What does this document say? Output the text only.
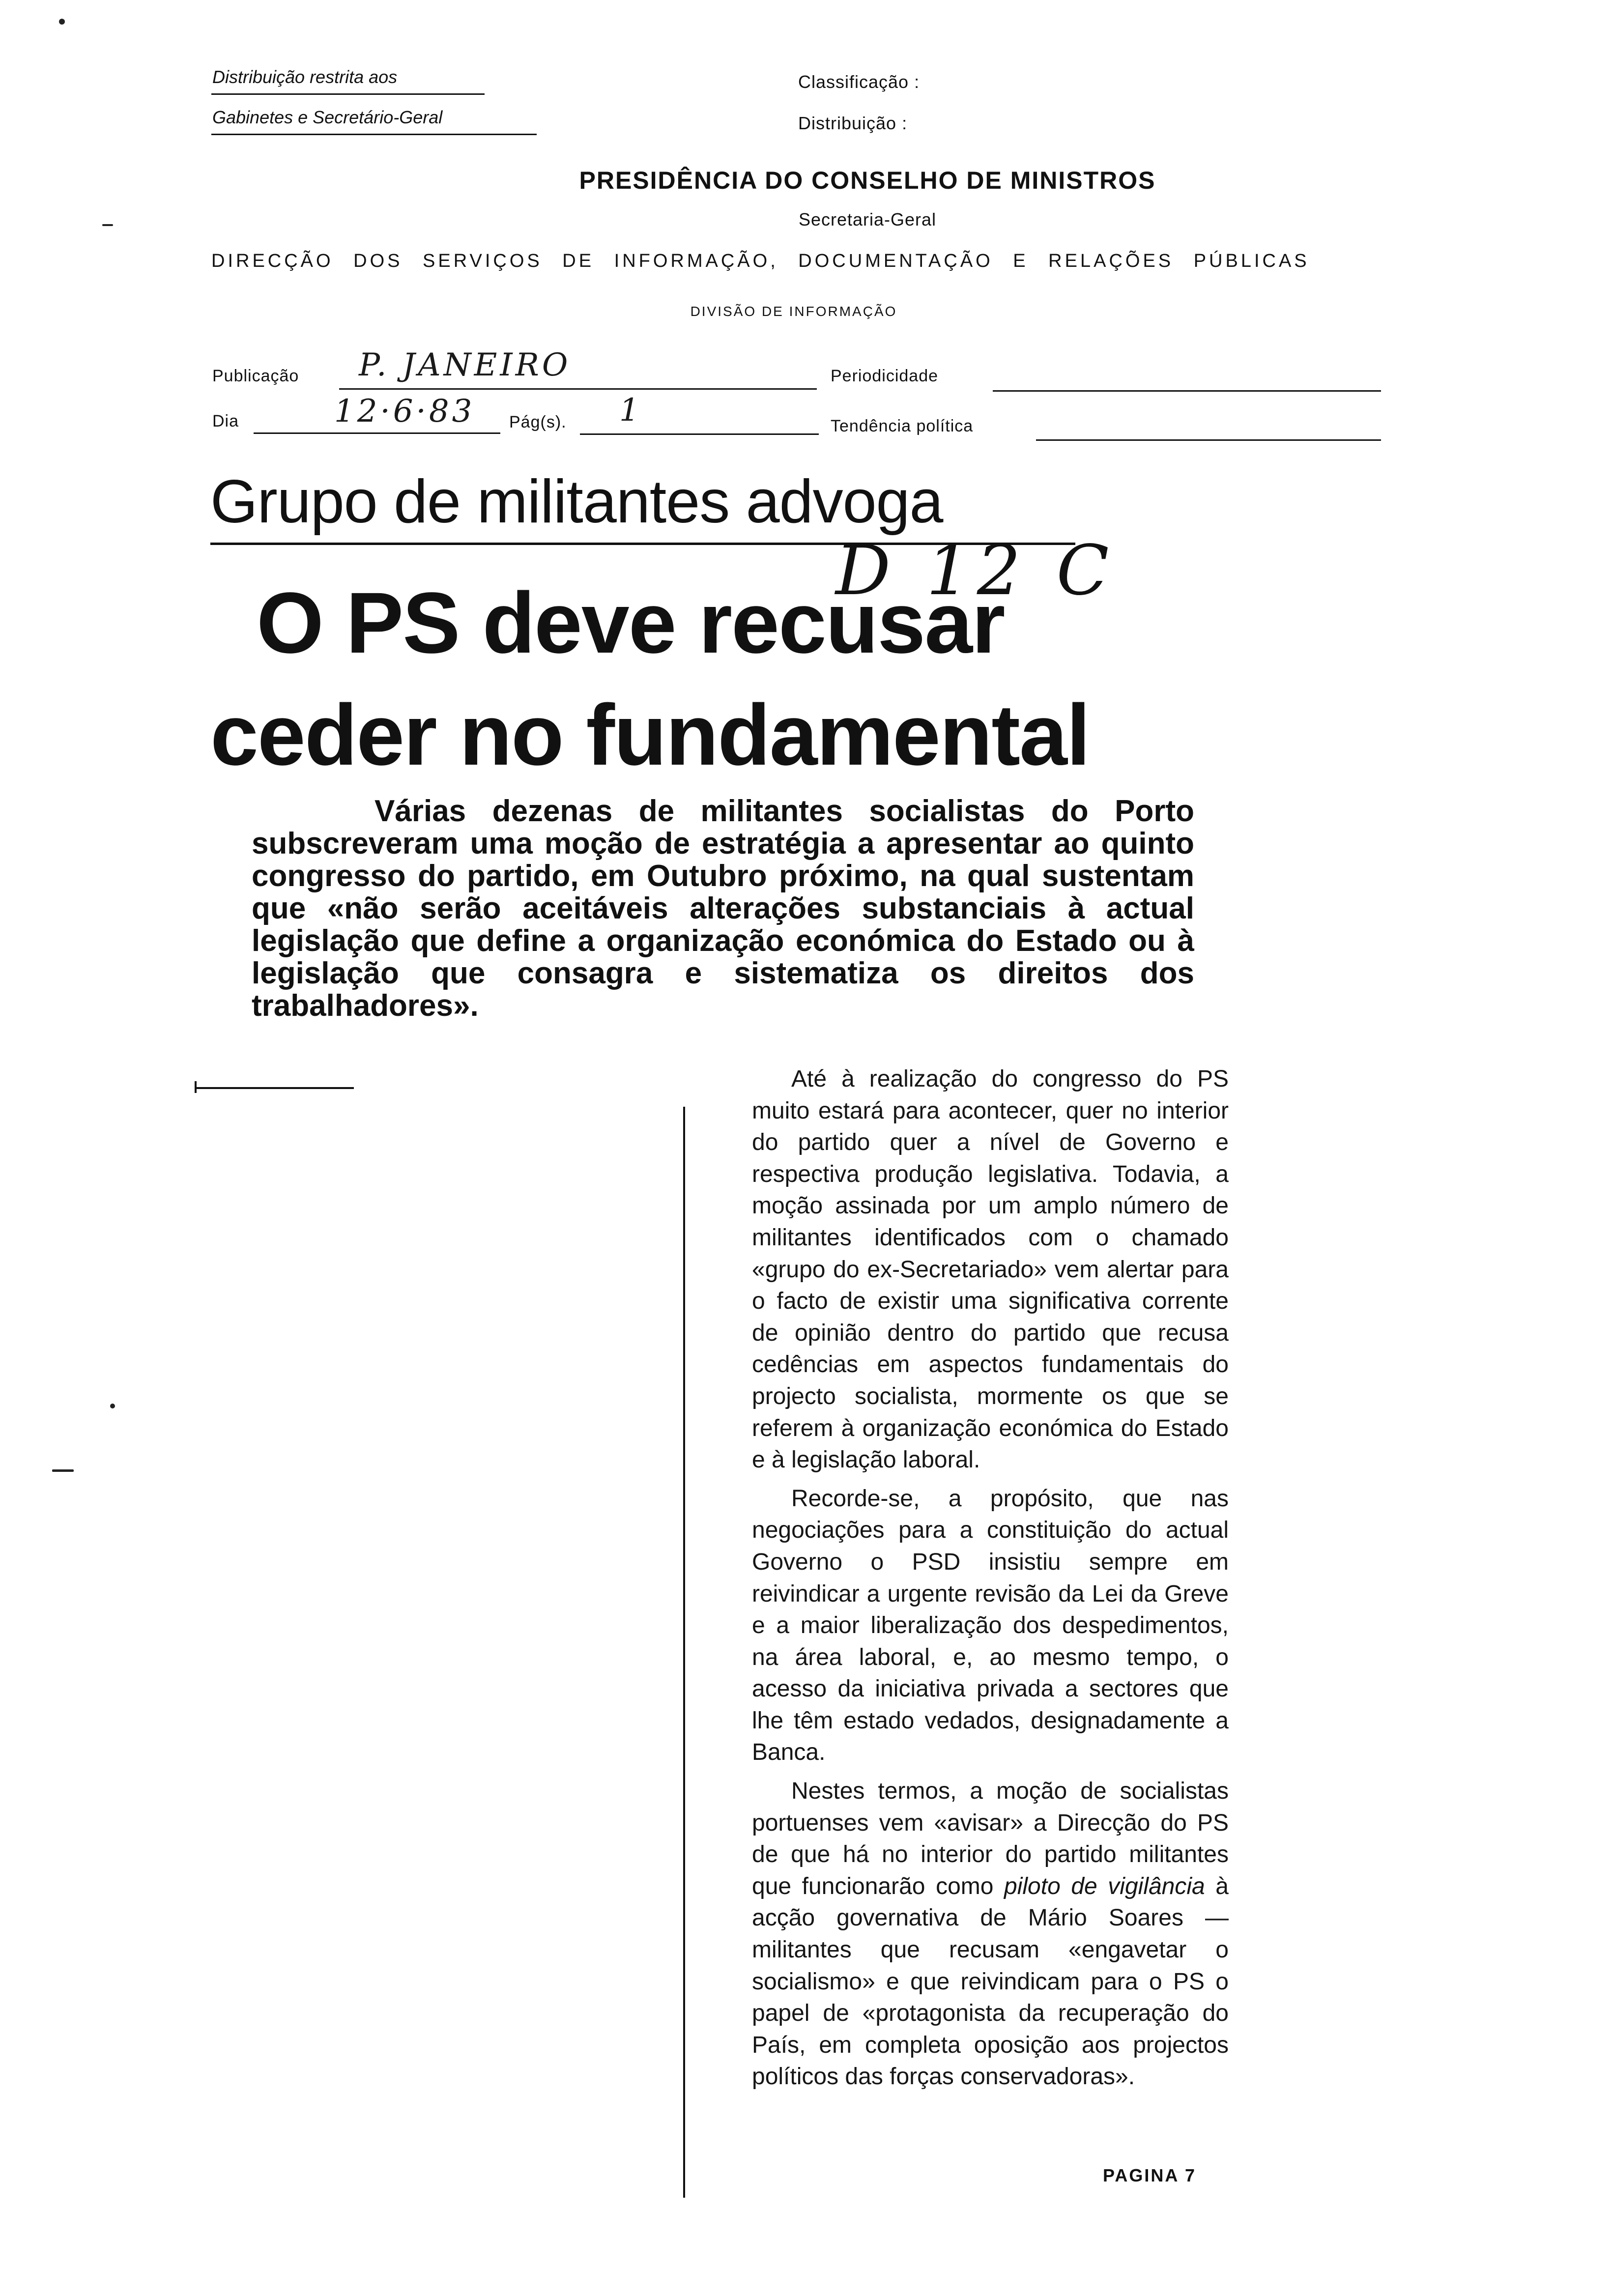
Distribuição restrita aos
Gabinetes e Secretário-Geral
Classificação :
Distribuição :
PRESIDÊNCIA DO CONSELHO DE MINISTROS
Secretaria-Geral
DIRECÇÃO DOS SERVIÇOS DE INFORMAÇÃO, DOCUMENTAÇÃO E RELAÇÕES PÚBLICAS
DIVISÃO DE INFORMAÇÃO
Publicação P. JANEIRO	Periodicidade
Dia	12·6·83 Pág(s). 1	Tendência política
Grupo de militantes advoga
O PS deve recusar
ceder no fundamental
D 12 C

Várias dezenas de militantes socialistas do Porto subscreveram uma moção de estratégia a apresentar ao quinto congresso do partido, em Outubro próximo, na qual sustentam que «não serão aceitáveis alterações substanciais à actual legislação que define a organização económica do Estado ou à legislação que consagra e sistematiza os direitos dos trabalhadores».

Até à realização do congresso do PS muito estará para acontecer, quer no interior do partido quer a nível de Governo e respectiva produção legislativa. Todavia, a moção assinada por um amplo número de militantes identificados com o chamado «grupo do ex-Secretariado» vem alertar para o facto de existir uma significativa corrente de opinião dentro do partido que recusa cedências em aspectos fundamentais do projecto socialista, mormente os que se referem à organização económica do Estado e à legislação laboral.

Recorde-se, a propósito, que nas negociações para a constituição do actual Governo o PSD insistiu sempre em reivindicar a urgente revisão da Lei da Greve e a maior liberalização dos despedimentos, na área laboral, e, ao mesmo tempo, o acesso da iniciativa privada a sectores que lhe têm estado vedados, designadamente a Banca.

Nestes termos, a moção de socialistas portuenses vem «avisar» a Direcção do PS de que há no interior do partido militantes que funcionarão como piloto de vigilância à acção governativa de Mário Soares — militantes que recusam «engavetar o socialismo» e que reivindicam para o PS o papel de «protagonista da recuperação do País, em completa oposição aos projectos políticos das forças conservadoras».

PAGINA 7
